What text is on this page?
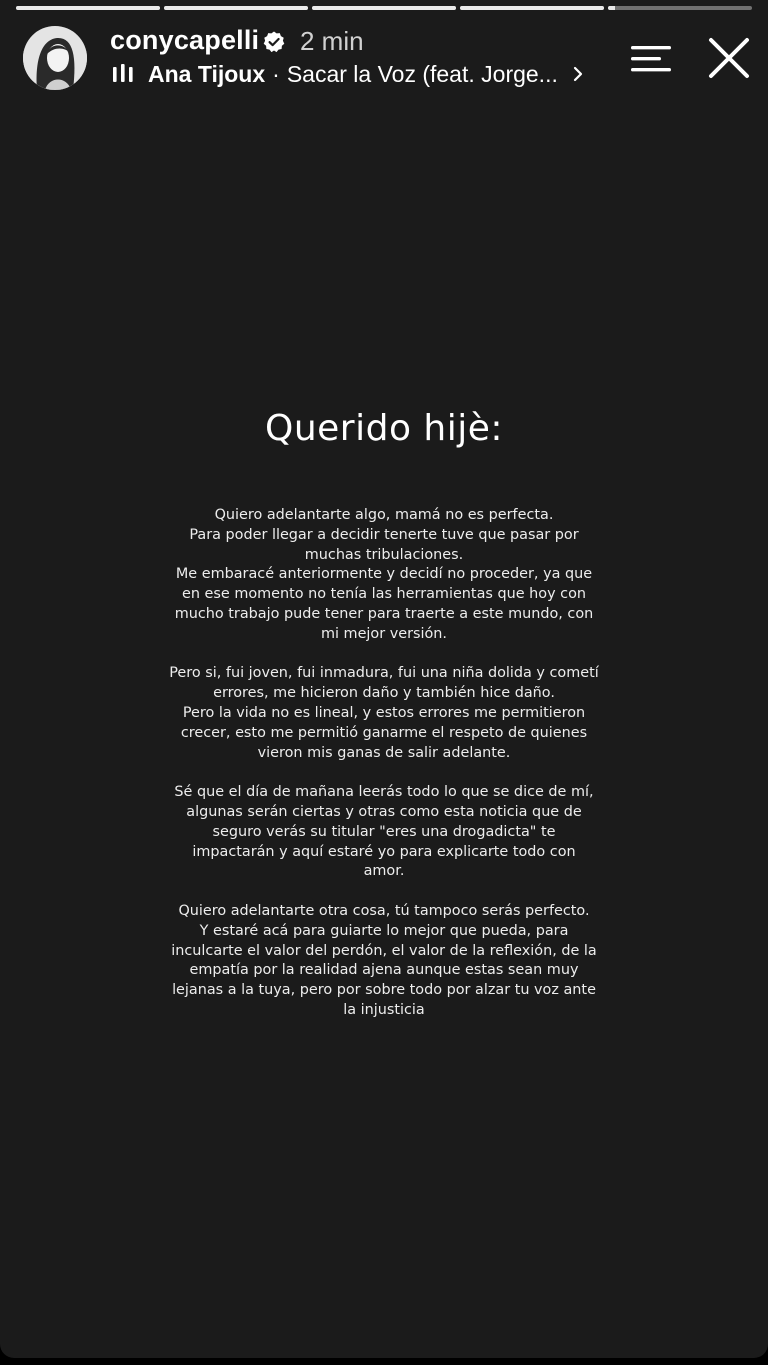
conycapelli 2 min
Ana Tijoux · Sacar la Voz (feat. Jorge...
Querido hijѐ:
Quiero adelantarte algo, mamá no es perfecta.
Para poder llegar a decidir tenerte tuve que pasar por
muchas tribulaciones.
Me embaracé anteriormente y decidí no proceder, ya que
en ese momento no tenía las herramientas que hoy con
mucho trabajo pude tener para traerte a este mundo, con
mi mejor versión.
Pero si, fui joven, fui inmadura, fui una niña dolida y cometí
errores, me hicieron daño y también hice daño.
Pero la vida no es lineal, y estos errores me permitieron
crecer, esto me permitió ganarme el respeto de quienes
vieron mis ganas de salir adelante.
Sé que el día de mañana leerás todo lo que se dice de mí,
algunas serán ciertas y otras como esta noticia que de
seguro verás su titular "eres una drogadicta" te
impactarán y aquí estaré yo para explicarte todo con
amor.
Quiero adelantarte otra cosa, tú tampoco serás perfecto.
Y estaré acá para guiarte lo mejor que pueda, para
inculcarte el valor del perdón, el valor de la reflexión, de la
empatía por la realidad ajena aunque estas sean muy
lejanas a la tuya, pero por sobre todo por alzar tu voz ante
la injusticia
